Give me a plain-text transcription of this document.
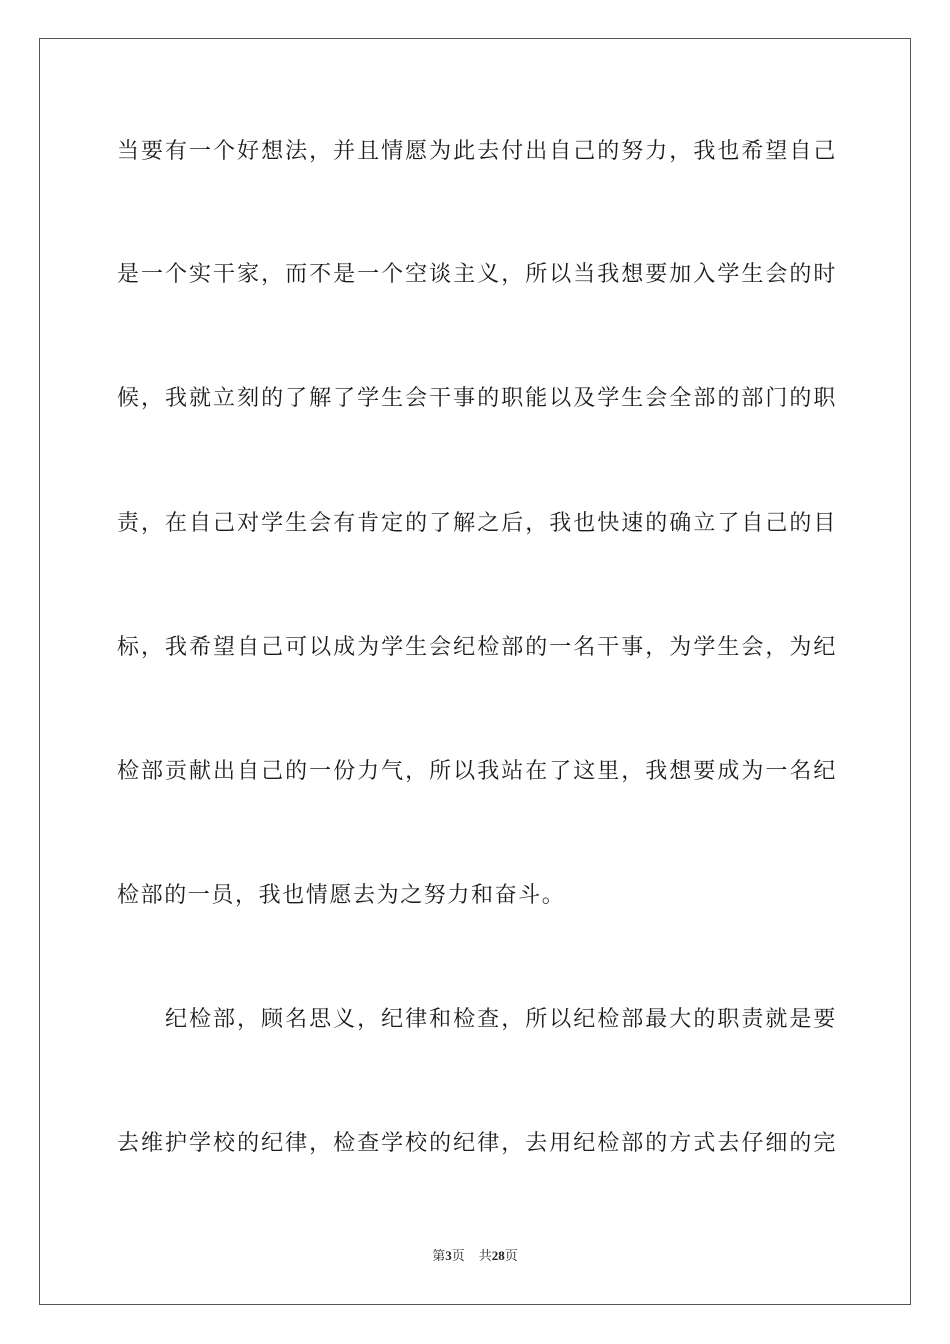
当要有一个好想法，并且情愿为此去付出自己的努力，我也希望自己
是一个实干家，而不是一个空谈主义，所以当我想要加入学生会的时
候，我就立刻的了解了学生会干事的职能以及学生会全部的部门的职
责，在自己对学生会有肯定的了解之后，我也快速的确立了自己的目
标，我希望自己可以成为学生会纪检部的一名干事，为学生会，为纪
检部贡献出自己的一份力气，所以我站在了这里，我想要成为一名纪
检部的一员，我也情愿去为之努力和奋斗。
纪检部，顾名思义，纪律和检查，所以纪检部最大的职责就是要
去维护学校的纪律，检查学校的纪律，去用纪检部的方式去仔细的完
第3页 共28页
